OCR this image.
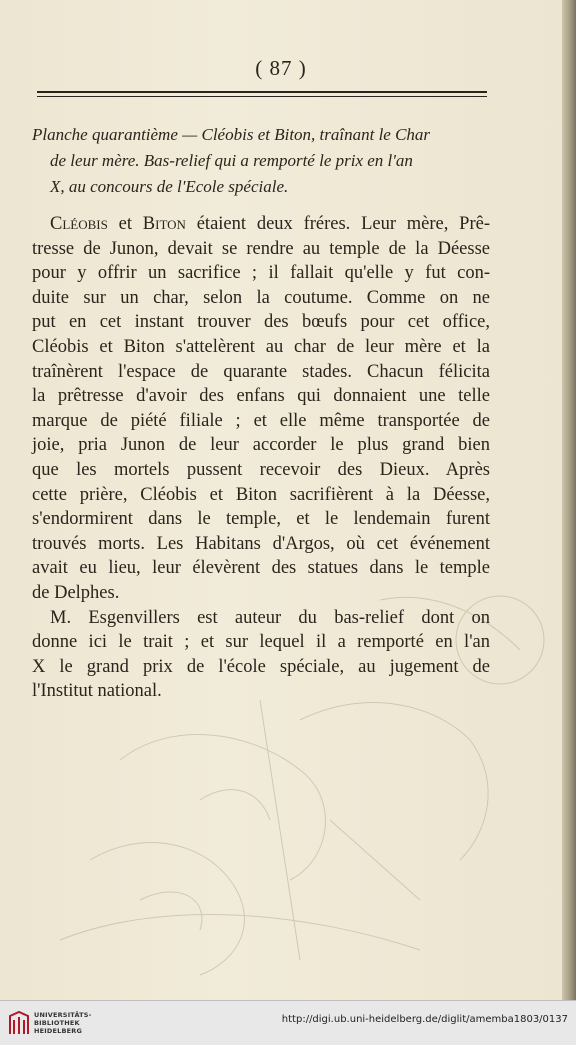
( 87 )
Planche quarantième — Cléobis et Biton, traînant le Char
de leur mère. Bas-relief qui a remporté le prix en l'an
X, au concours de l'Ecole spéciale.
Cléobis et Biton étaient deux fréres. Leur mère, Prê-
tresse de Junon, devait se rendre au temple de la Déesse
pour y offrir un sacrifice ; il fallait qu'elle y fut con-
duite sur un char, selon la coutume. Comme on ne
put en cet instant trouver des bœufs pour cet office,
Cléobis et Biton s'attelèrent au char de leur mère et la
traînèrent l'espace de quarante stades. Chacun félicita
la prêtresse d'avoir des enfans qui donnaient une telle
marque de piété filiale ; et elle même transportée de
joie, pria Junon de leur accorder le plus grand bien
que les mortels pussent recevoir des Dieux. Après
cette prière, Cléobis et Biton sacrifièrent à la Déesse,
s'endormirent dans le temple, et le lendemain furent
trouvés morts. Les Habitans d'Argos, où cet événement
avait eu lieu, leur élevèrent des statues dans le temple
de Delphes.
M. Esgenvillers est auteur du bas-relief dont on
donne ici le trait ; et sur lequel il a remporté en l'an
X le grand prix de l'école spéciale, au jugement de
l'Institut national.
UNIVERSITÄTS-
BIBLIOTHEK
HEIDELBERG
http://digi.ub.uni-heidelberg.de/diglit/amemba1803/0137
